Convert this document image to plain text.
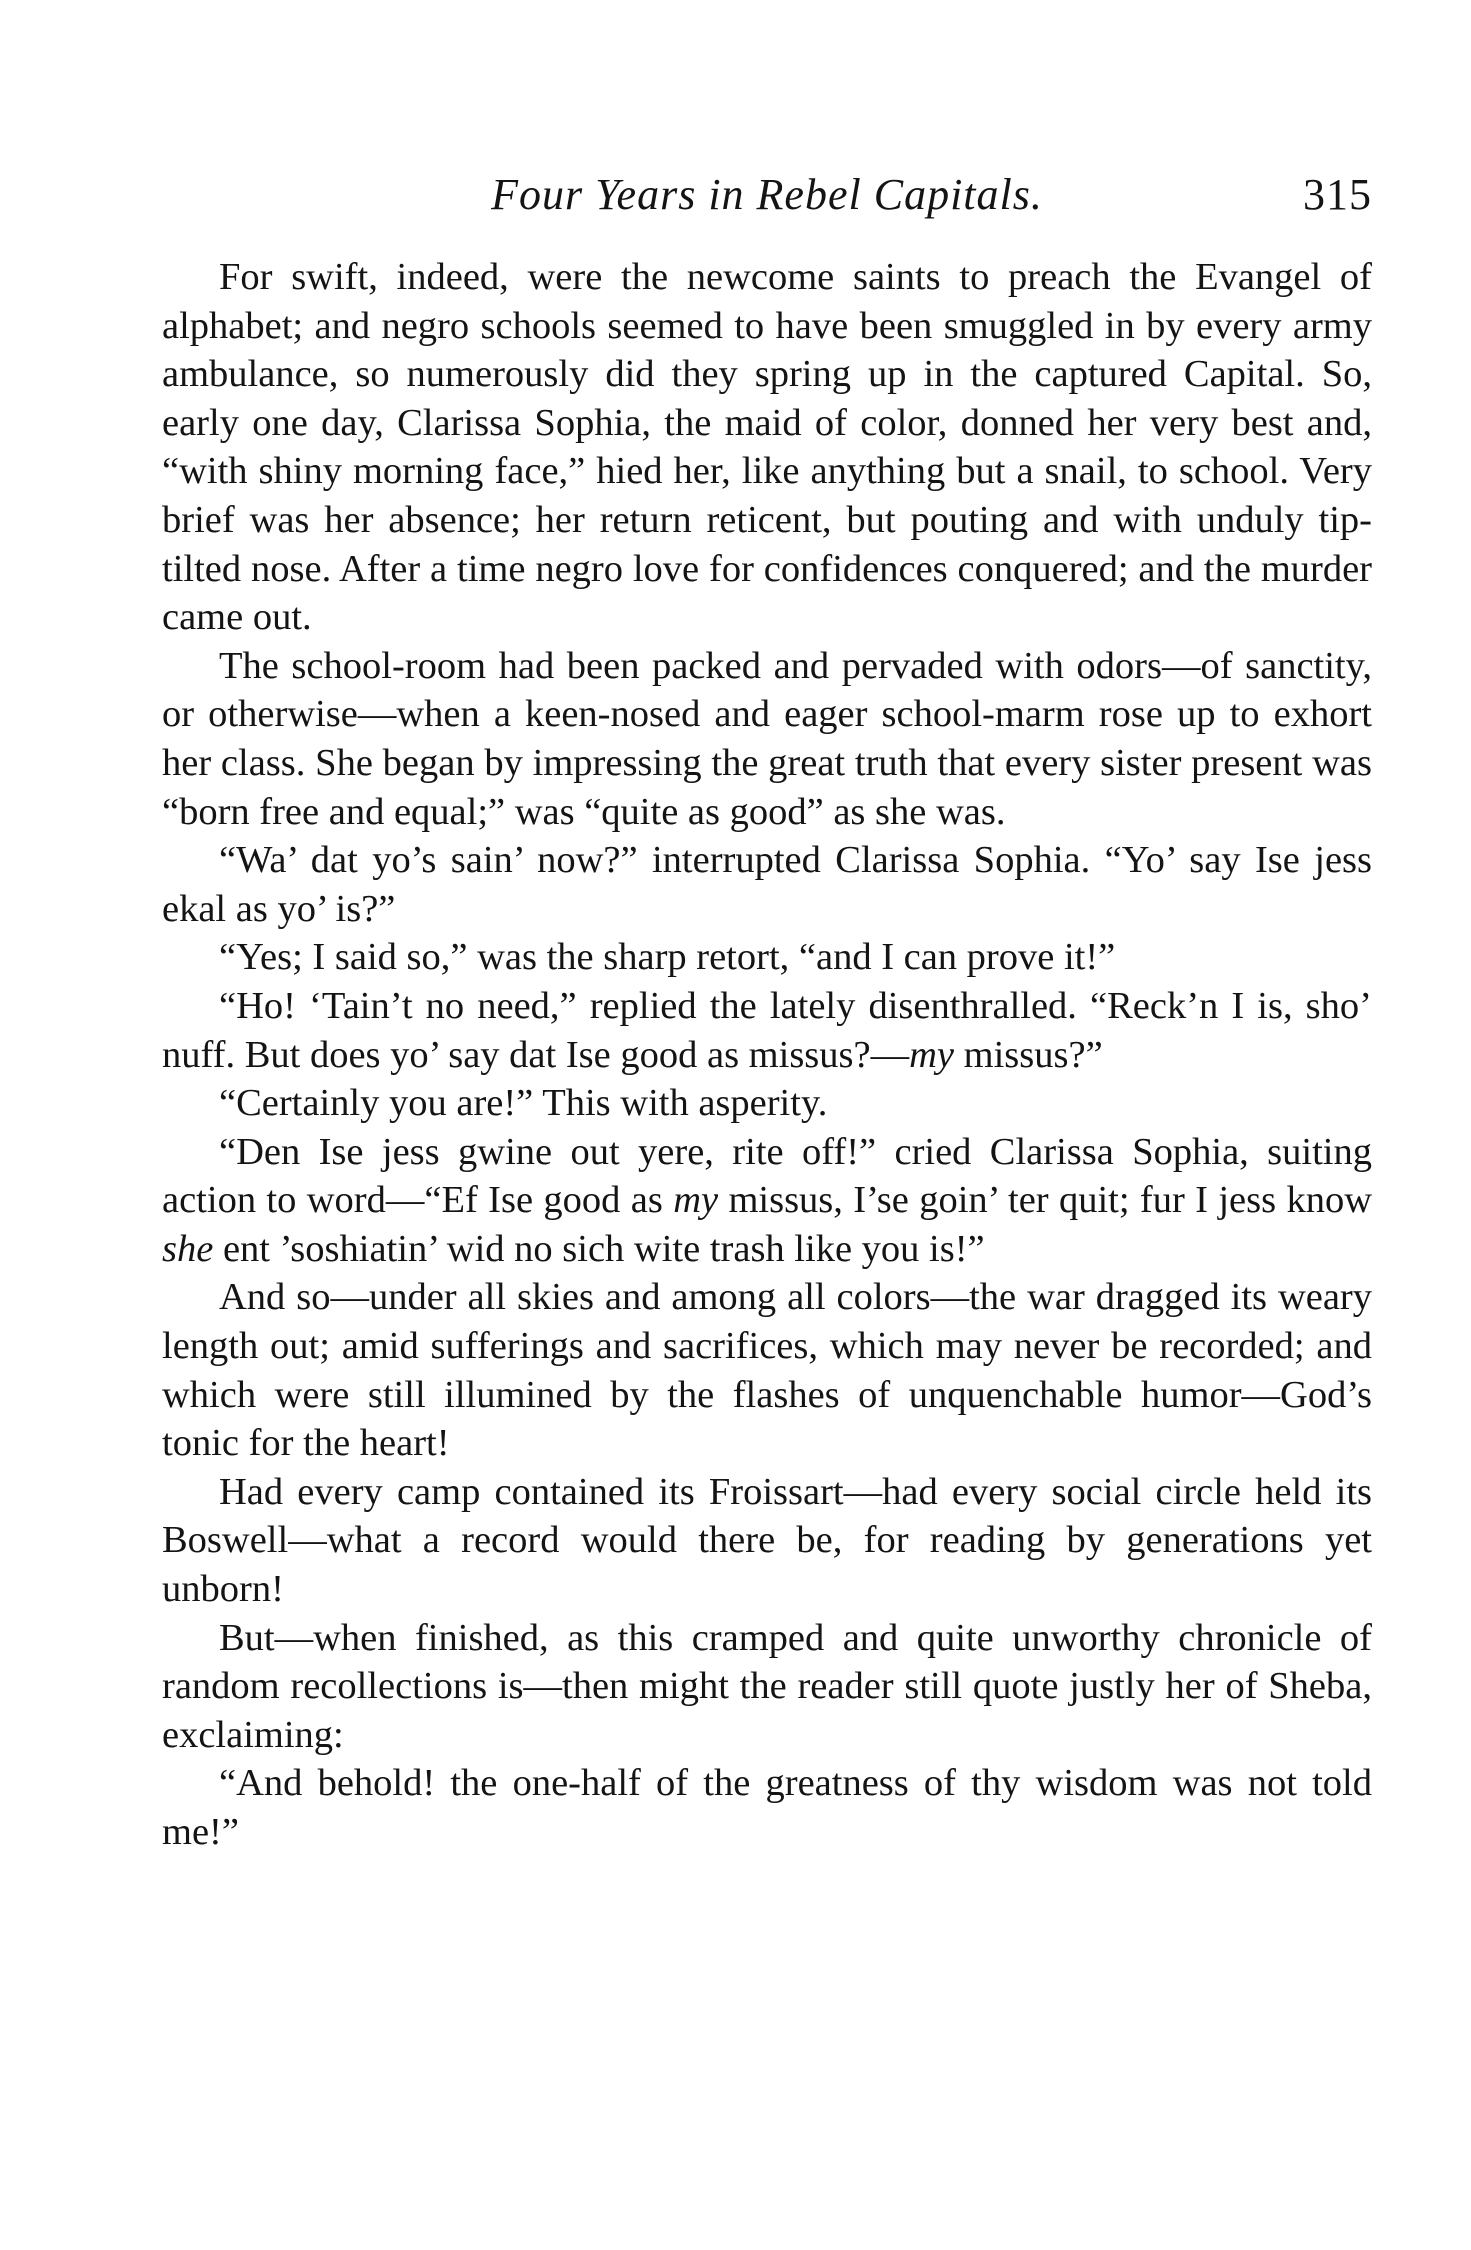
Four Years in Rebel Capitals.	315

For swift, indeed, were the newcome saints to preach the Evangel of alphabet; and negro schools seemed to have been smuggled in by every army ambulance, so numerously did they spring up in the captured Capital. So, early one day, Clarissa Sophia, the maid of color, donned her very best and, “with shiny morning face,” hied her, like anything but a snail, to school. Very brief was her absence; her return reticent, but pouting and with unduly tip-tilted nose. After a time negro love for confidences conquered; and the murder came out.

The school-room had been packed and pervaded with odors—of sanctity, or otherwise—when a keen-nosed and eager school-marm rose up to exhort her class. She began by impressing the great truth that every sister present was “born free and equal;” was “quite as good” as she was.

“Wa’ dat yo’s sain’ now?” interrupted Clarissa Sophia. “Yo’ say Ise jess ekal as yo’ is?”

“Yes; I said so,” was the sharp retort, “and I can prove it!”

“Ho! ‘Tain’t no need,” replied the lately disenthralled. “Reck’n I is, sho’ nuff. But does yo’ say dat Ise good as missus?—my missus?”

“Certainly you are!” This with asperity.

“Den Ise jess gwine out yere, rite off!” cried Clarissa Sophia, suiting action to word—“Ef Ise good as my missus, I’se goin’ ter quit; fur I jess know she ent ’soshiatin’ wid no sich wite trash like you is!”

And so—under all skies and among all colors—the war dragged its weary length out; amid sufferings and sacrifices, which may never be recorded; and which were still illumined by the flashes of unquenchable humor—God’s tonic for the heart!

Had every camp contained its Froissart—had every social circle held its Boswell—what a record would there be, for reading by generations yet unborn!

But—when finished, as this cramped and quite unworthy chronicle of random recollections is—then might the reader still quote justly her of Sheba, exclaiming:

“And behold! the one-half of the greatness of thy wisdom was not told me!”
